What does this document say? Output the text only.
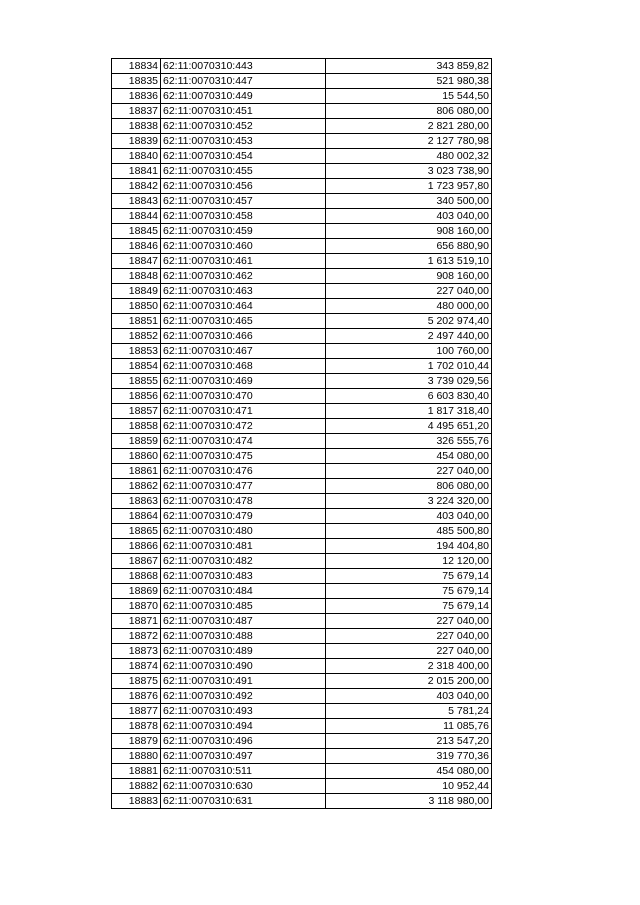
18834	62:11:0070310:443	343 859,82
18835	62:11:0070310:447	521 980,38
18836	62:11:0070310:449	15 544,50
18837	62:11:0070310:451	806 080,00
18838	62:11:0070310:452	2 821 280,00
18839	62:11:0070310:453	2 127 780,98
18840	62:11:0070310:454	480 002,32
18841	62:11:0070310:455	3 023 738,90
18842	62:11:0070310:456	1 723 957,80
18843	62:11:0070310:457	340 500,00
18844	62:11:0070310:458	403 040,00
18845	62:11:0070310:459	908 160,00
18846	62:11:0070310:460	656 880,90
18847	62:11:0070310:461	1 613 519,10
18848	62:11:0070310:462	908 160,00
18849	62:11:0070310:463	227 040,00
18850	62:11:0070310:464	480 000,00
18851	62:11:0070310:465	5 202 974,40
18852	62:11:0070310:466	2 497 440,00
18853	62:11:0070310:467	100 760,00
18854	62:11:0070310:468	1 702 010,44
18855	62:11:0070310:469	3 739 029,56
18856	62:11:0070310:470	6 603 830,40
18857	62:11:0070310:471	1 817 318,40
18858	62:11:0070310:472	4 495 651,20
18859	62:11:0070310:474	326 555,76
18860	62:11:0070310:475	454 080,00
18861	62:11:0070310:476	227 040,00
18862	62:11:0070310:477	806 080,00
18863	62:11:0070310:478	3 224 320,00
18864	62:11:0070310:479	403 040,00
18865	62:11:0070310:480	485 500,80
18866	62:11:0070310:481	194 404,80
18867	62:11:0070310:482	12 120,00
18868	62:11:0070310:483	75 679,14
18869	62:11:0070310:484	75 679,14
18870	62:11:0070310:485	75 679,14
18871	62:11:0070310:487	227 040,00
18872	62:11:0070310:488	227 040,00
18873	62:11:0070310:489	227 040,00
18874	62:11:0070310:490	2 318 400,00
18875	62:11:0070310:491	2 015 200,00
18876	62:11:0070310:492	403 040,00
18877	62:11:0070310:493	5 781,24
18878	62:11:0070310:494	11 085,76
18879	62:11:0070310:496	213 547,20
18880	62:11:0070310:497	319 770,36
18881	62:11:0070310:511	454 080,00
18882	62:11:0070310:630	10 952,44
18883	62:11:0070310:631	3 118 980,00
